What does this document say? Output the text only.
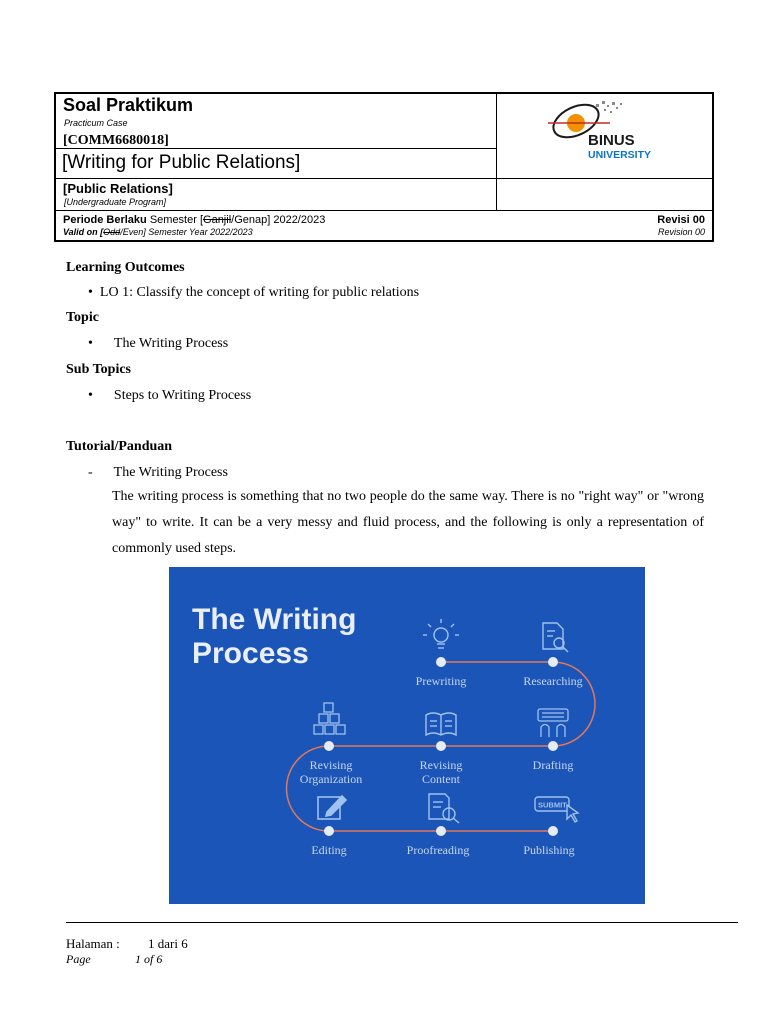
Soal Praktikum
Practicum Case
[COMM6680018]
[Writing for Public Relations]
[Public Relations]
[Undergraduate Program]
Periode Berlaku Semester [Ganjil/Genap] 2022/2023
Valid on [Odd/Even] Semester Year 2022/2023
Revisi 00
Revision 00
BINUS
UNIVERSITY
Learning Outcomes
•  LO 1: Classify the concept of writing for public relations
Topic
•      The Writing Process
Sub Topics
•      Steps to Writing Process
Tutorial/Panduan
-      The Writing Process
The writing process is something that no two people do the same way. There is no "right way" or "wrong way" to write. It can be a very messy and fluid process, and the following is only a representation of commonly used steps.
The Writing
Process
SUBMIT
Prewriting	Researching
Drafting
Revising
Content
Revising
Organization
Editing	Proofreading	Publishing
Halaman : 1 dari 6
Page	1 of 6
